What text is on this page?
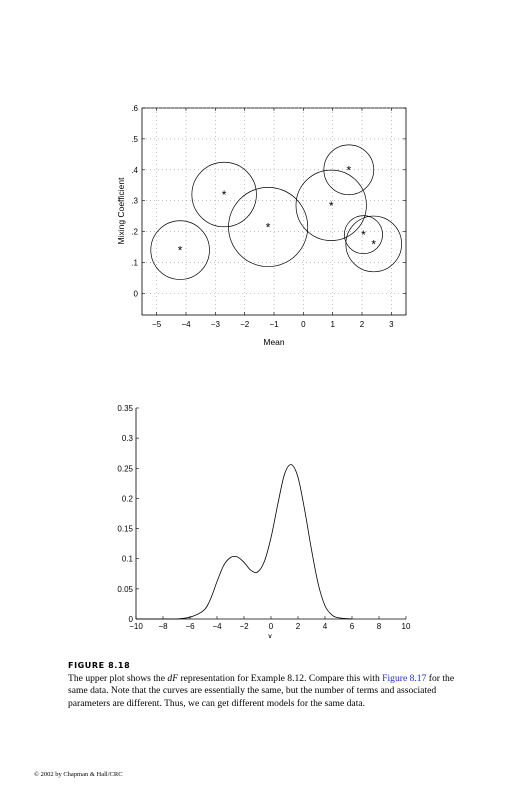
*
*
*
*
*
*
*
−5	−4	−3	−2	−1	0	1	2	3
0
.1
.2
.3
.4
.5
.6
Mean
Mixing Coefficient
−10 −8 −6 −4 −2	0	2	4	6	8	10
0
0.05
0.1
0.15
0.2
0.25
0.3
0.35
x
FIGURE 8.18
The upper plot shows the dF representation for Example 8.12. Compare this with Figure 8.17 for the same data. Note that the curves are essentially the same, but the number of terms and associated parameters are different. Thus, we can get different models for the same data.
© 2002 by Chapman & Hall/CRC
